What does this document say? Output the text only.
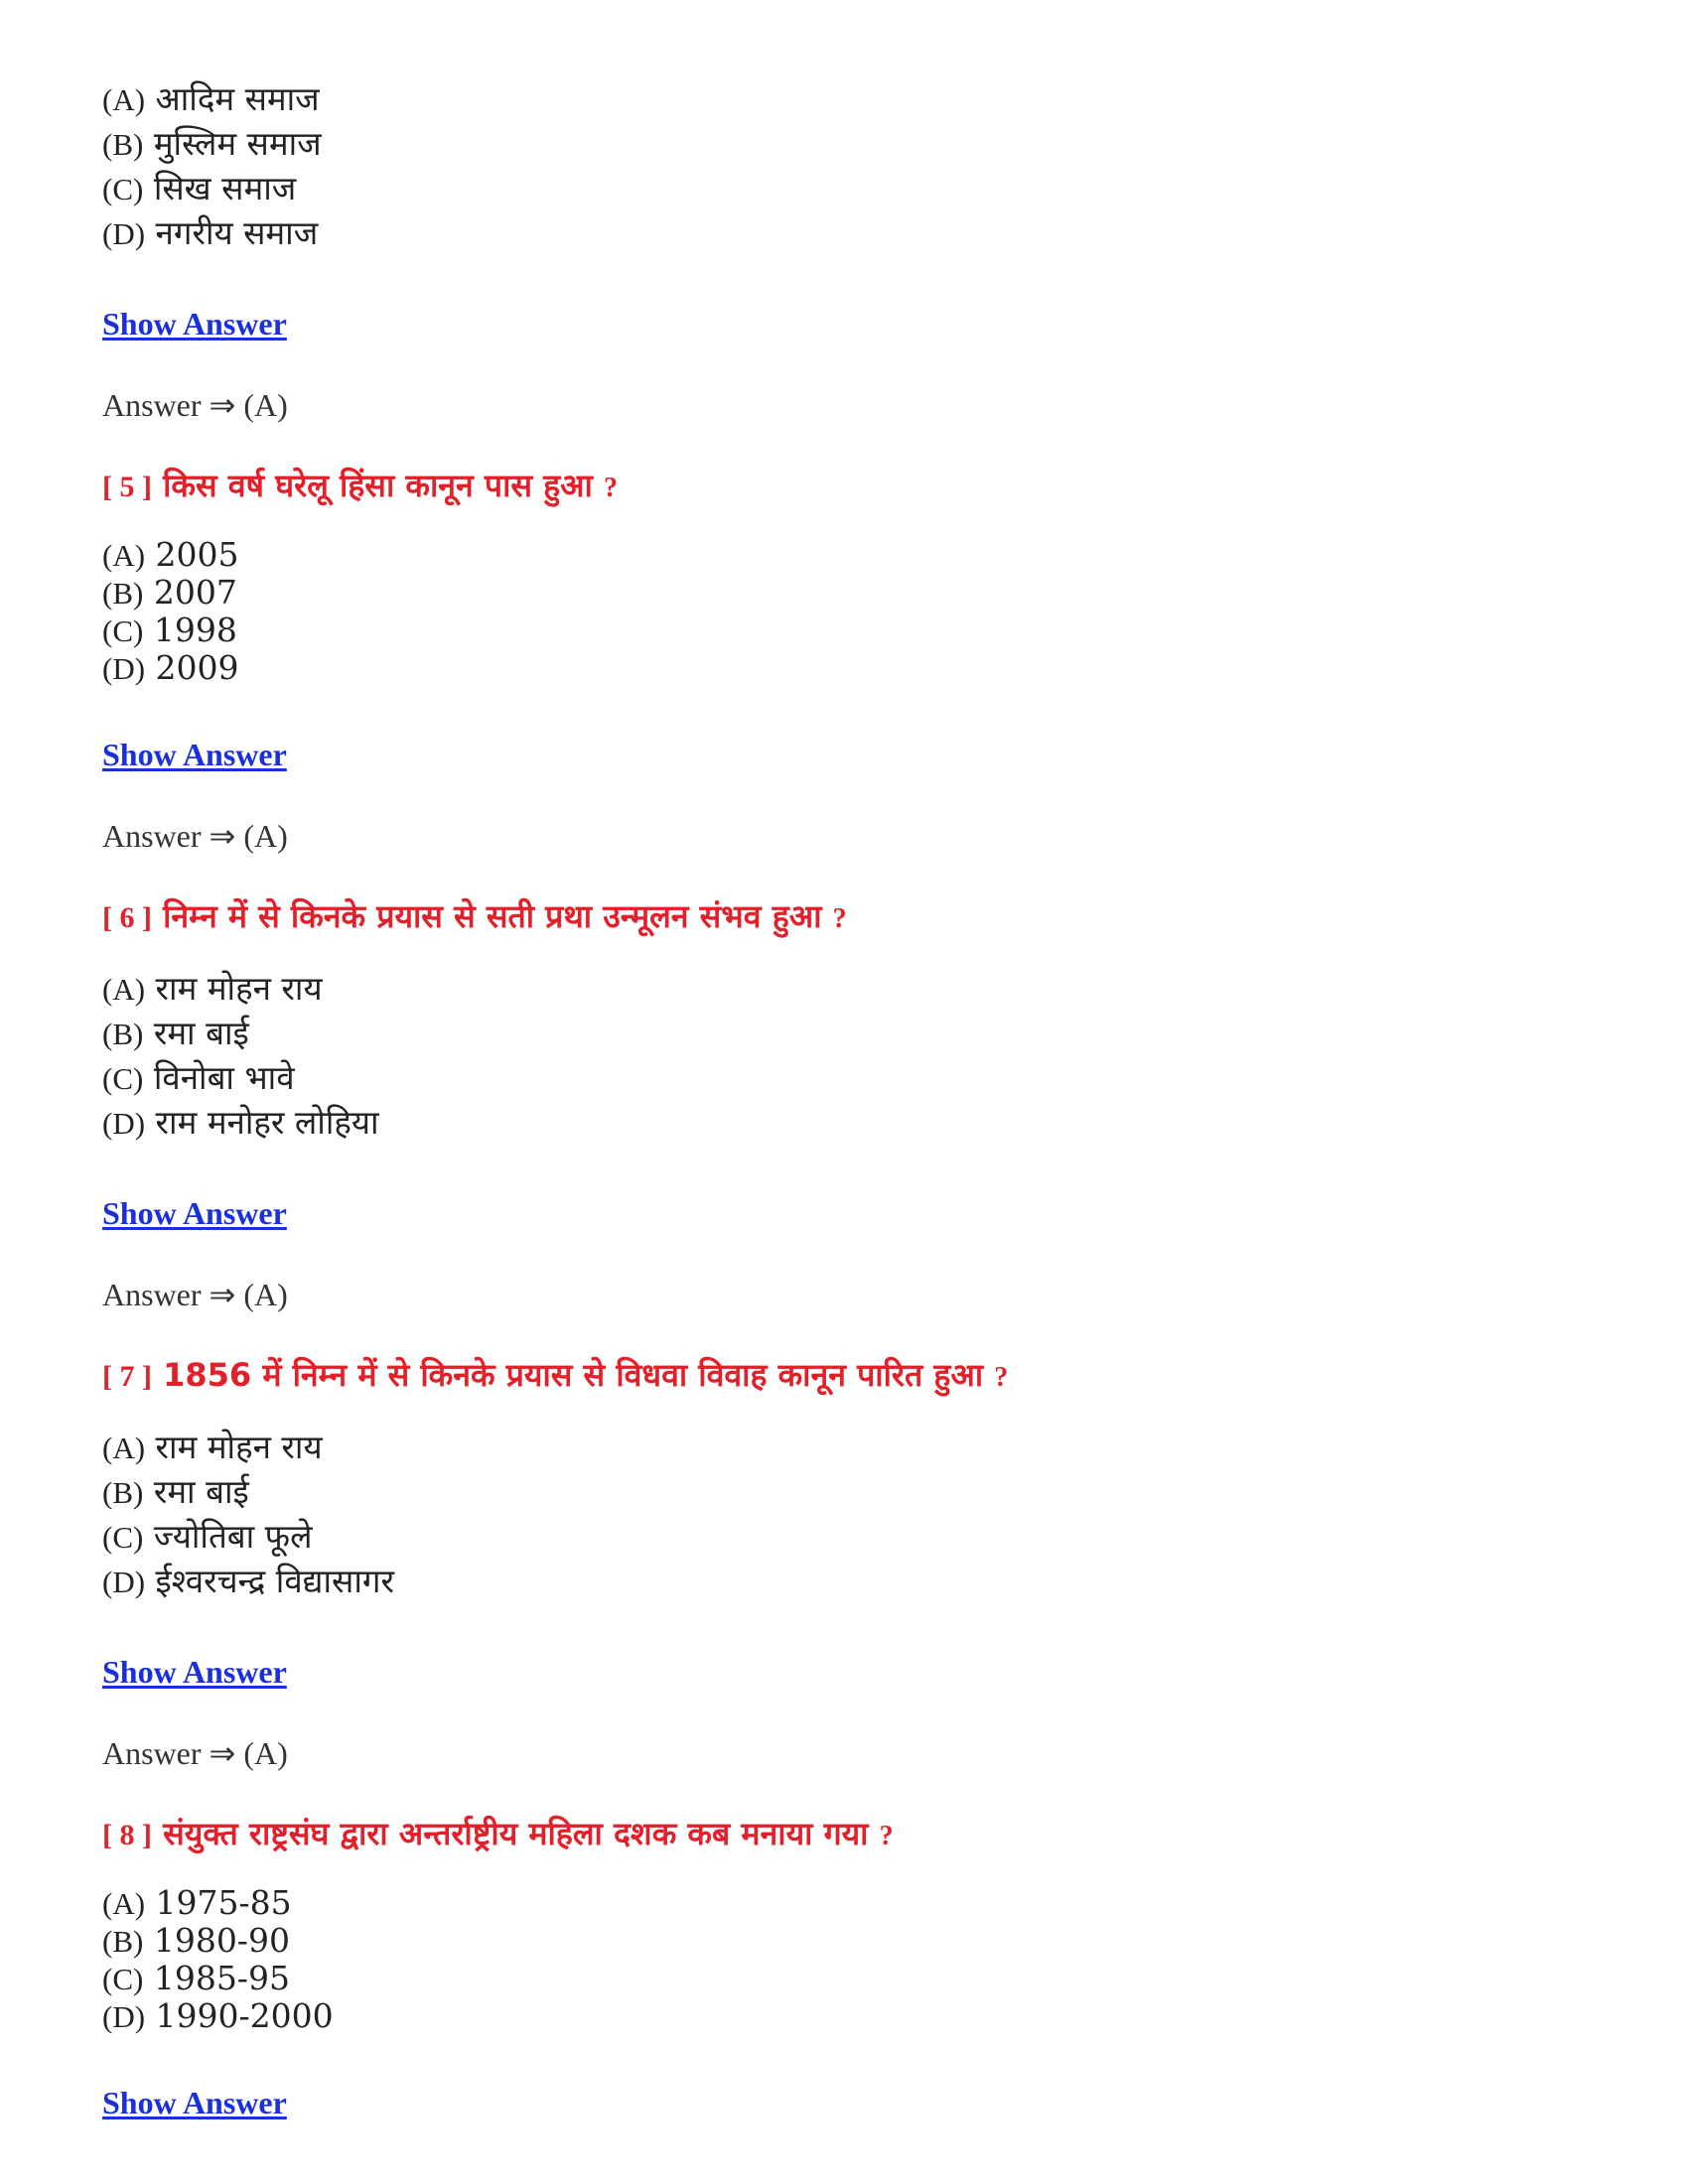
(A) आदिम समाज
(B) मुस्लिम समाज
(C) सिख समाज
(D) नगरीय समाज
Show Answer
Answer ⇒ (A)
[ 5 ] किस वर्ष घरेलू हिंसा कानून पास हुआ ?
(A) 2005
(B) 2007
(C) 1998
(D) 2009
Show Answer
Answer ⇒ (A)
[ 6 ] निम्न में से किनके प्रयास से सती प्रथा उन्मूलन संभव हुआ ?
(A) राम मोहन राय
(B) रमा बाई
(C) विनोबा भावे
(D) राम मनोहर लोहिया
Show Answer
Answer ⇒ (A)
[ 7 ] 1856 में निम्न में से किनके प्रयास से विधवा विवाह कानून पारित हुआ ?
(A) राम मोहन राय
(B) रमा बाई
(C) ज्योतिबा फूले
(D) ईश्वरचन्द्र विद्यासागर
Show Answer
Answer ⇒ (A)
[ 8 ] संयुक्त राष्ट्रसंघ द्वारा अन्तर्राष्ट्रीय महिला दशक कब मनाया गया ?
(A) 1975-85
(B) 1980-90
(C) 1985-95
(D) 1990-2000
Show Answer
